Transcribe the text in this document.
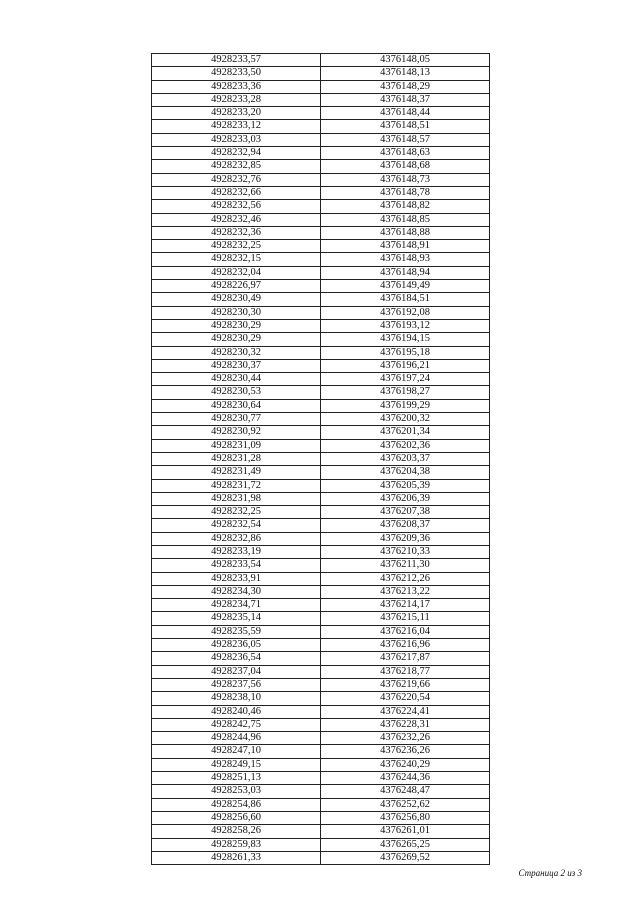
4928233,57	4376148,05
4928233,50	4376148,13
4928233,36	4376148,29
4928233,28	4376148,37
4928233,20	4376148,44
4928233,12	4376148,51
4928233,03	4376148,57
4928232,94	4376148,63
4928232,85	4376148,68
4928232,76	4376148,73
4928232,66	4376148,78
4928232,56	4376148,82
4928232,46	4376148,85
4928232,36	4376148,88
4928232,25	4376148,91
4928232,15	4376148,93
4928232,04	4376148,94
4928226,97	4376149,49
4928230,49	4376184,51
4928230,30	4376192,08
4928230,29	4376193,12
4928230,29	4376194,15
4928230,32	4376195,18
4928230,37	4376196,21
4928230,44	4376197,24
4928230,53	4376198,27
4928230,64	4376199,29
4928230,77	4376200,32
4928230,92	4376201,34
4928231,09	4376202,36
4928231,28	4376203,37
4928231,49	4376204,38
4928231,72	4376205,39
4928231,98	4376206,39
4928232,25	4376207,38
4928232,54	4376208,37
4928232,86	4376209,36
4928233,19	4376210,33
4928233,54	4376211,30
4928233,91	4376212,26
4928234,30	4376213,22
4928234,71	4376214,17
4928235,14	4376215,11
4928235,59	4376216,04
4928236,05	4376216,96
4928236,54	4376217,87
4928237,04	4376218,77
4928237,56	4376219,66
4928238,10	4376220,54
4928240,46	4376224,41
4928242,75	4376228,31
4928244,96	4376232,26
4928247,10	4376236,26
4928249,15	4376240,29
4928251,13	4376244,36
4928253,03	4376248,47
4928254,86	4376252,62
4928256,60	4376256,80
4928258,26	4376261,01
4928259,83	4376265,25
4928261,33	4376269,52
Страница 2 из 3
